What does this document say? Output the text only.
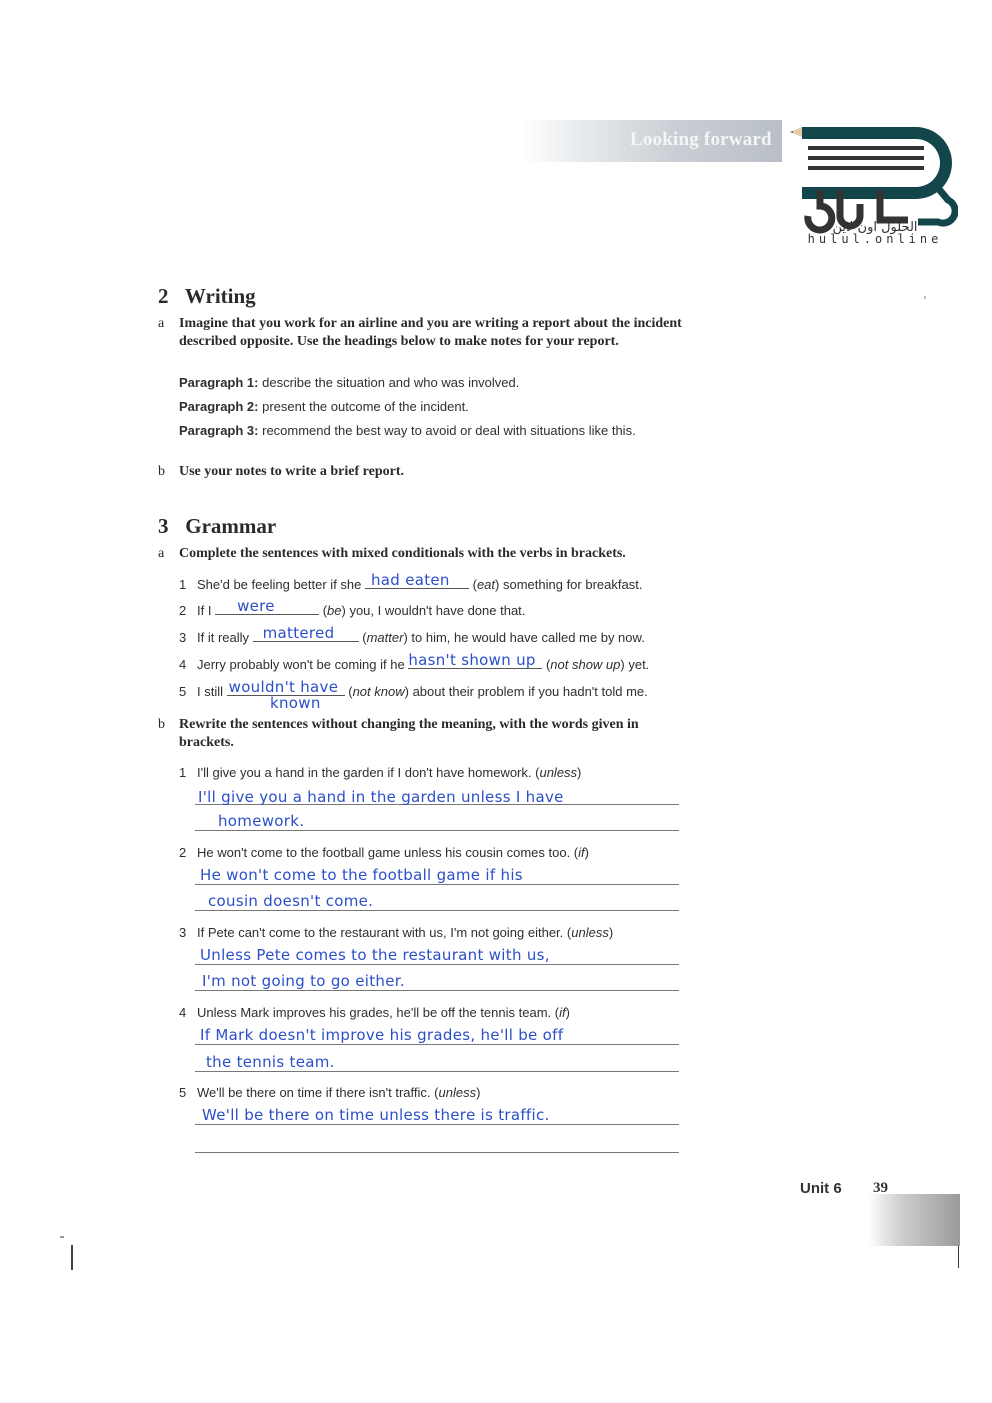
Looking forward
الحلول اون لاين
hulul.online
2 Writing
a Imagine that you work for an airline and you are writing a report about the incident described opposite. Use the headings below to make notes for your report.
Paragraph 1: describe the situation and who was involved.
Paragraph 2: present the outcome of the incident.
Paragraph 3: recommend the best way to avoid or deal with situations like this.
b Use your notes to write a brief report.
3 Grammar
a Complete the sentences with mixed conditionals with the verbs in brackets.
1 She'd be feeling better if she had eaten (eat) something for breakfast.
2 If I were	(be) you, I wouldn't have done that.
3 If it really mattered (matter) to him, he would have called me by now.
4 Jerry probably won't be coming if he hasn't shown up (not show up) yet.
5 I still wouldn't have (not know) about their problem if you hadn't told me.
known
b Rewrite the sentences without changing the meaning, with the words given in brackets.
1 I'll give you a hand in the garden if I don't have homework. (unless)
I'll give you a hand in the garden unless I have
homework.
2 He won't come to the football game unless his cousin comes too. (if)
He won't come to the football game if his
cousin doesn't come.
3 If Pete can't come to the restaurant with us, I'm not going either. (unless)
Unless Pete comes to the restaurant with us,
I'm not going to go either.
4 Unless Mark improves his grades, he'll be off the tennis team. (if)
If Mark doesn't improve his grades, he'll be off
the tennis team.
5 We'll be there on time if there isn't traffic. (unless)
We'll be there on time unless there is traffic.
Unit 6 39
